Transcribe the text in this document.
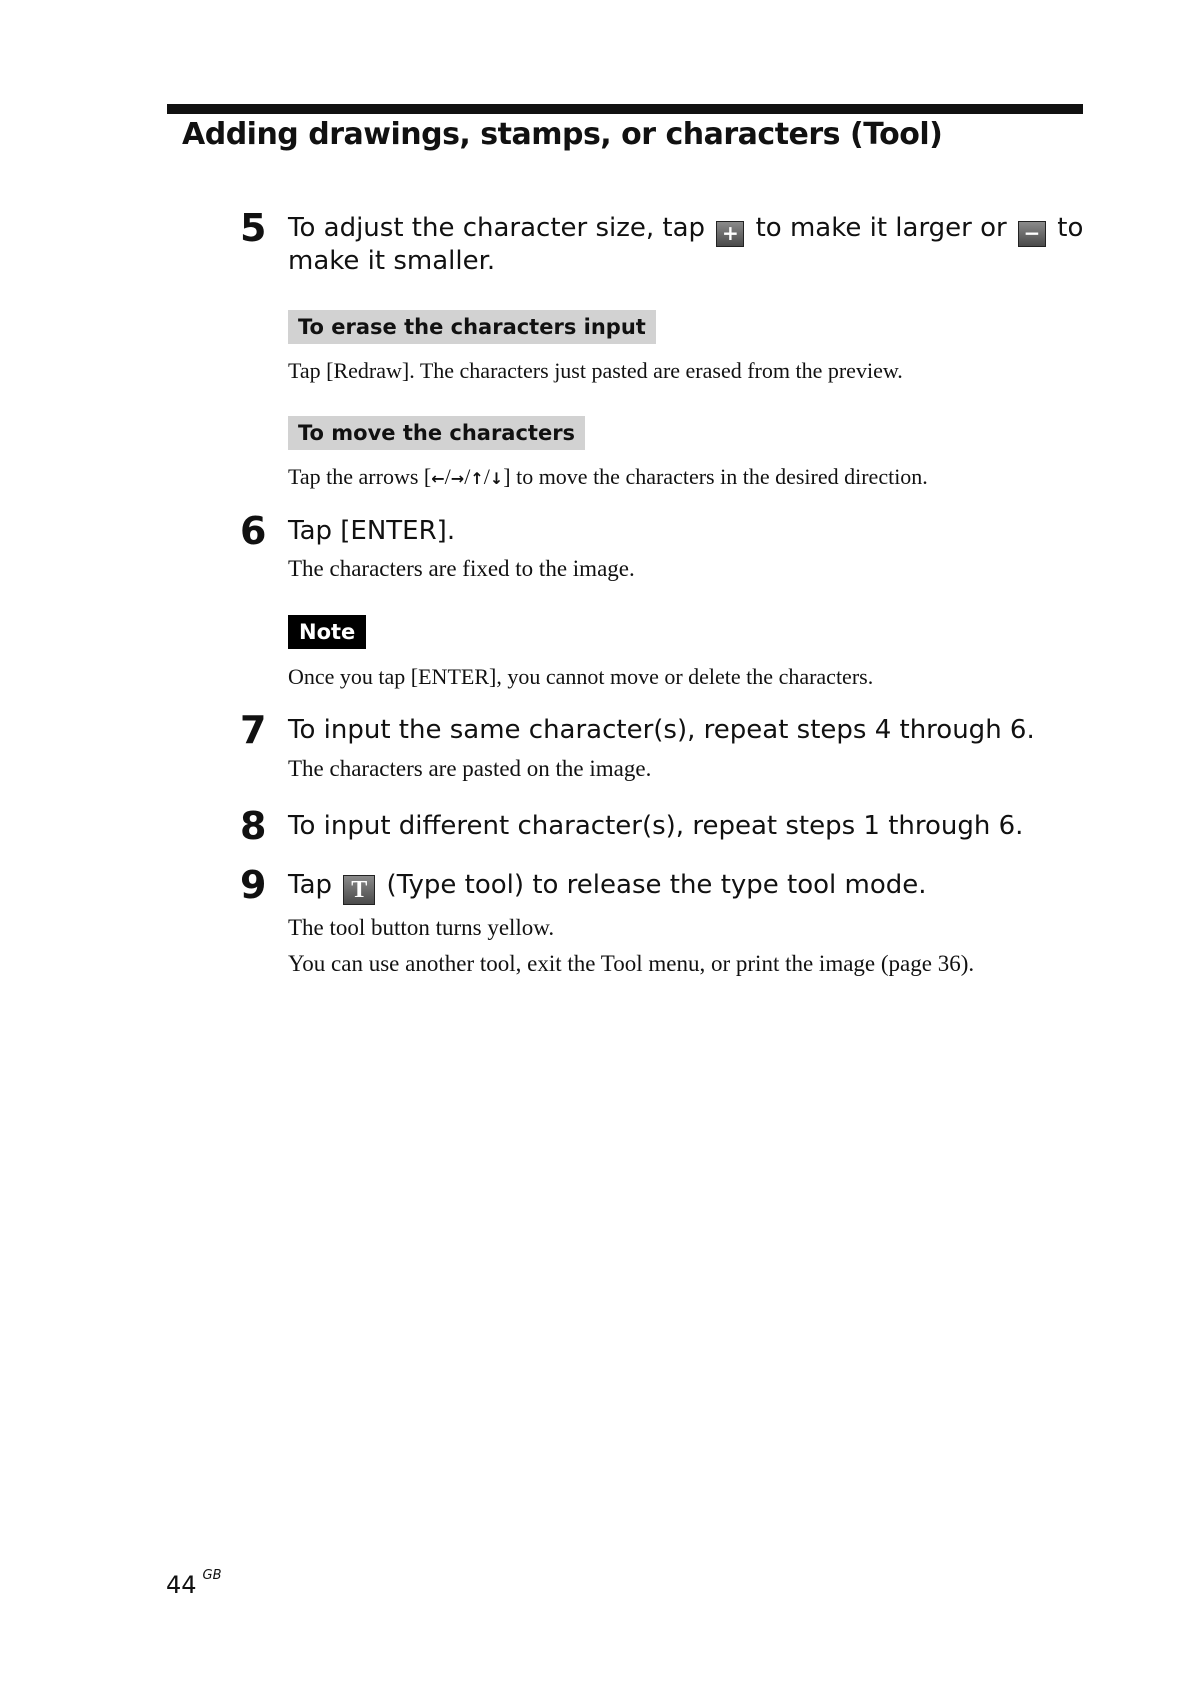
Adding drawings, stamps, or characters (Tool)
5 To adjust the character size, tap + to make it larger or − to
make it smaller.
To erase the characters input
Tap [Redraw]. The characters just pasted are erased from the preview.
To move the characters
Tap the arrows [←/→/↑/↓] to move the characters in the desired direction.
6 Tap [ENTER].
The characters are fixed to the image.
Note
Once you tap [ENTER], you cannot move or delete the characters.
7 To input the same character(s), repeat steps 4 through 6.
The characters are pasted on the image.
8 To input different character(s), repeat steps 1 through 6.
9 Tap T (Type tool) to release the type tool mode.
The tool button turns yellow.
You can use another tool, exit the Tool menu, or print the image (page 36).
44 $^{GB}$
